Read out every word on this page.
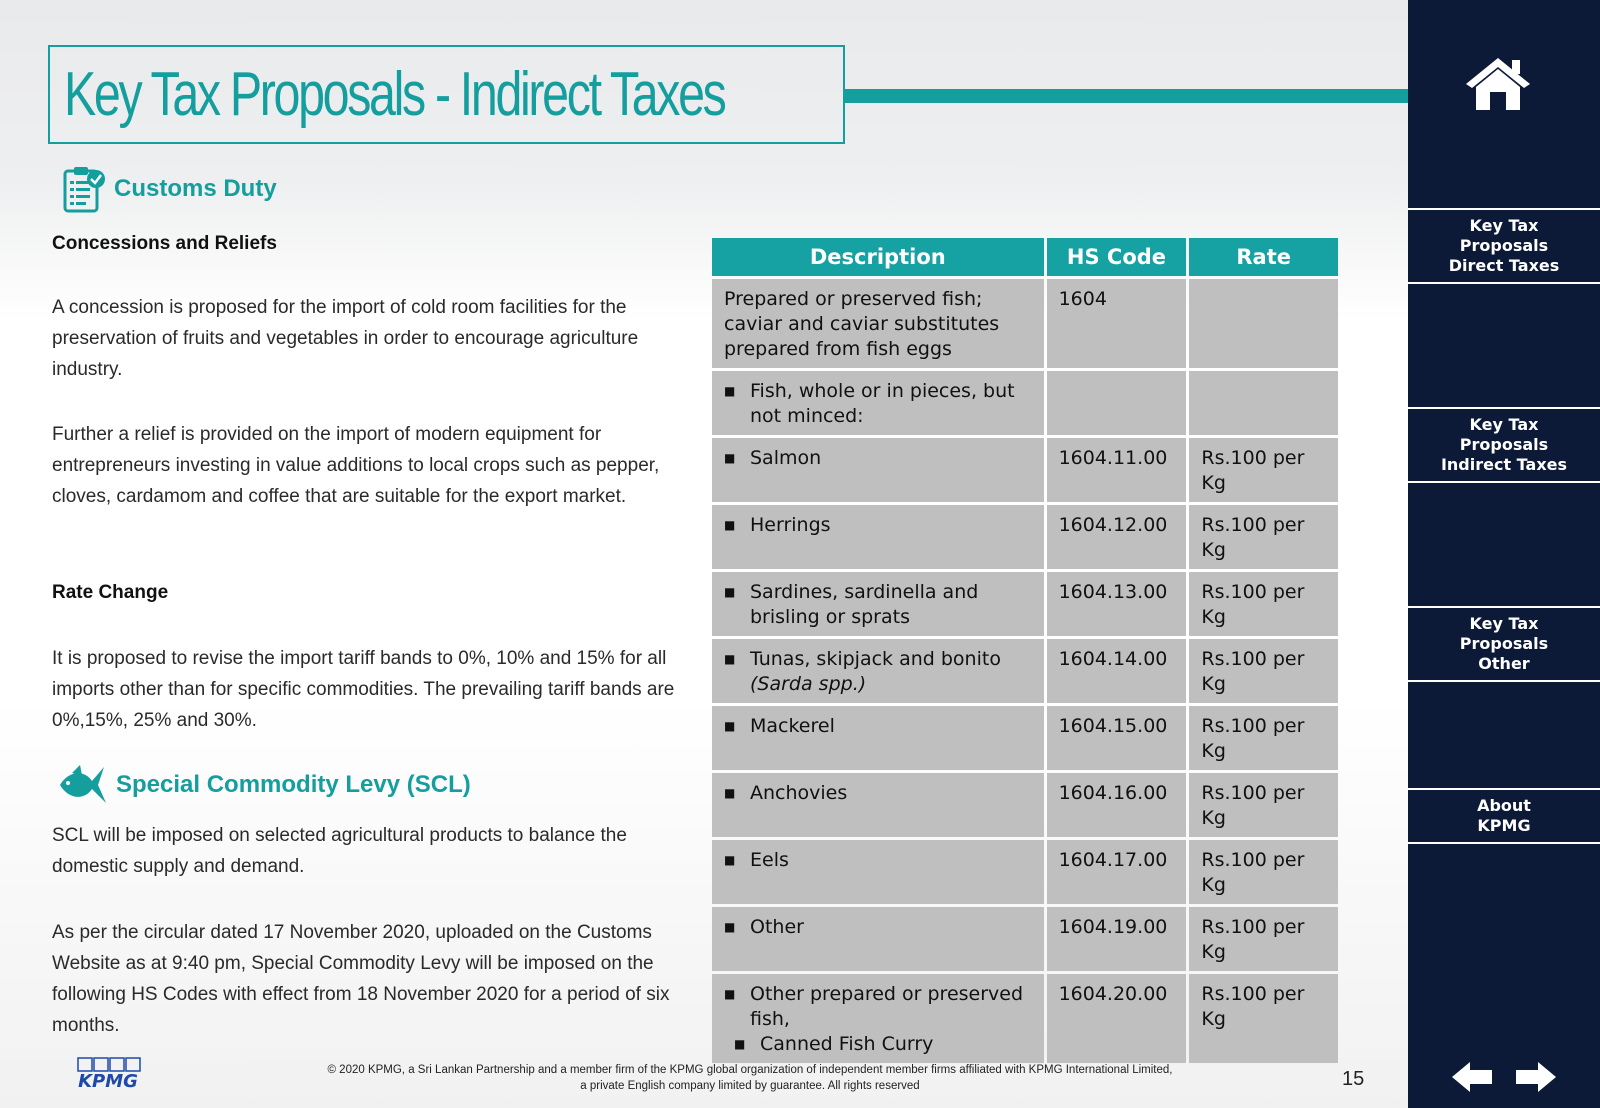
Key Tax Proposals - Indirect Taxes
Customs Duty
Concessions and Reliefs
A concession is proposed for the import of cold room facilities for the preservation of fruits and vegetables in order to encourage agriculture industry.
Further a relief is provided on the import of modern equipment for entrepreneurs investing in value additions to local crops such as pepper, cloves, cardamom and coffee that are suitable for the export market.
Rate Change
It is proposed to revise the import tariff bands to 0%, 10% and 15% for all imports other than for specific commodities. The prevailing tariff bands are 0%,15%, 25% and 30%.
Special Commodity Levy (SCL)
SCL will be imposed on selected agricultural products to balance the domestic supply and demand.
As per the circular dated 17 November 2020, uploaded on the Customs Website as at 9:40 pm, Special Commodity Levy will be imposed on the following HS Codes with effect from 18 November 2020 for a period of six months.
Description	HS Code	Rate
Prepared or preserved fish; caviar and caviar substitutes prepared from fish eggs	1604	

■ Fish, whole or in pieces, but not minced:		

■ Salmon	1604.11.00	Rs.100 per Kg

■ Herrings	1604.12.00	Rs.100 per Kg

■ Sardines, sardinella and brisling or sprats	1604.13.00	Rs.100 per Kg

■ Tunas, skipjack and bonito
(Sarda spp.)	1604.14.00	Rs.100 per Kg

■ Mackerel	1604.15.00	Rs.100 per Kg

■ Anchovies	1604.16.00	Rs.100 per Kg

■ Eels	1604.17.00	Rs.100 per Kg

■ Other	1604.19.00	Rs.100 per Kg

■ Other prepared or preserved fish,
■ Canned Fish Curry	1604.20.00	Rs.100 per Kg
KPMG
© 2020 KPMG, a Sri Lankan Partnership and a member firm of the KPMG global organization of independent member firms affiliated with KPMG International Limited,
a private English company limited by guarantee. All rights reserved	15
Key Tax Proposals Direct Taxes
Key Tax Proposals Indirect Taxes
Key Tax Proposals Other
About KPMG
